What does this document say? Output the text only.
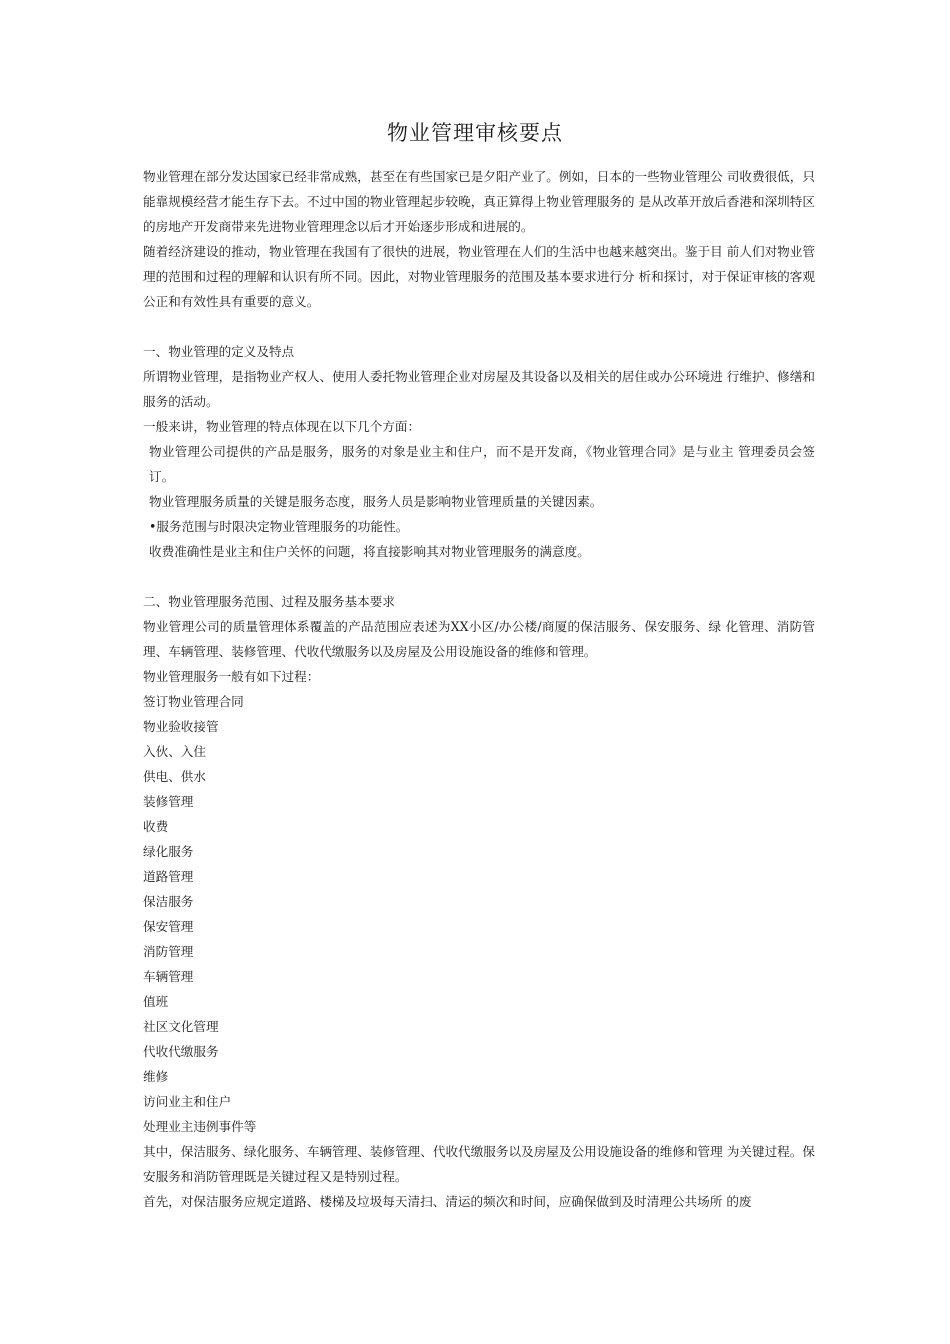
物业管理审核要点

物业管理在部分发达国家已经非常成熟，甚至在有些国家已是夕阳产业了。例如，日本的一些物业管理公 司收费很低，只能靠规模经营才能生存下去。不过中国的物业管理起步较晚，真正算得上物业管理服务的 是从改革开放后香港和深圳特区的房地产开发商带来先进物业管理理念以后才开始逐步形成和进展的。

随着经济建设的推动，物业管理在我国有了很快的进展，物业管理在人们的生活中也越来越突出。鉴于目 前人们对物业管理的范围和过程的理解和认识有所不同。因此，对物业管理服务的范围及基本要求进行分 析和探讨，对于保证审核的客观公正和有效性具有重要的意义。

一、物业管理的定义及特点

所谓物业管理，是指物业产权人、使用人委托物业管理企业对房屋及其设备以及相关的居住或办公环境进 行维护、修缮和服务的活动。

一般来讲，物业管理的特点体现在以下几个方面：

物业管理公司提供的产品是服务，服务的对象是业主和住户，而不是开发商，《物业管理合同》是与业主 管理委员会签订。

物业管理服务质量的关键是服务态度，服务人员是影响物业管理质量的关键因素。

•服务范围与时限决定物业管理服务的功能性。

收费准确性是业主和住户关怀的问题，将直接影响其对物业管理服务的满意度。

二、物业管理服务范围、过程及服务基本要求

物业管理公司的质量管理体系覆盖的产品范围应表述为XX小区/办公楼/商厦的保洁服务、保安服务、绿 化管理、消防管理、车辆管理、装修管理、代收代缴服务以及房屋及公用设施设备的维修和管理。

物业管理服务一般有如下过程：

签订物业管理合同
物业验收接管
入伙、入住
供电、供水
装修管理
收费
绿化服务
道路管理
保洁服务
保安管理
消防管理
车辆管理
值班
社区文化管理
代收代缴服务
维修
访问业主和住户
处理业主违例事件等

其中，保洁服务、绿化服务、车辆管理、装修管理、代收代缴服务以及房屋及公用设施设备的维修和管理 为关键过程。保安服务和消防管理既是关键过程又是特别过程。

首先，对保洁服务应规定道路、楼梯及垃圾每天清扫、清运的频次和时间，应确保做到及时清理公共场所 的废
